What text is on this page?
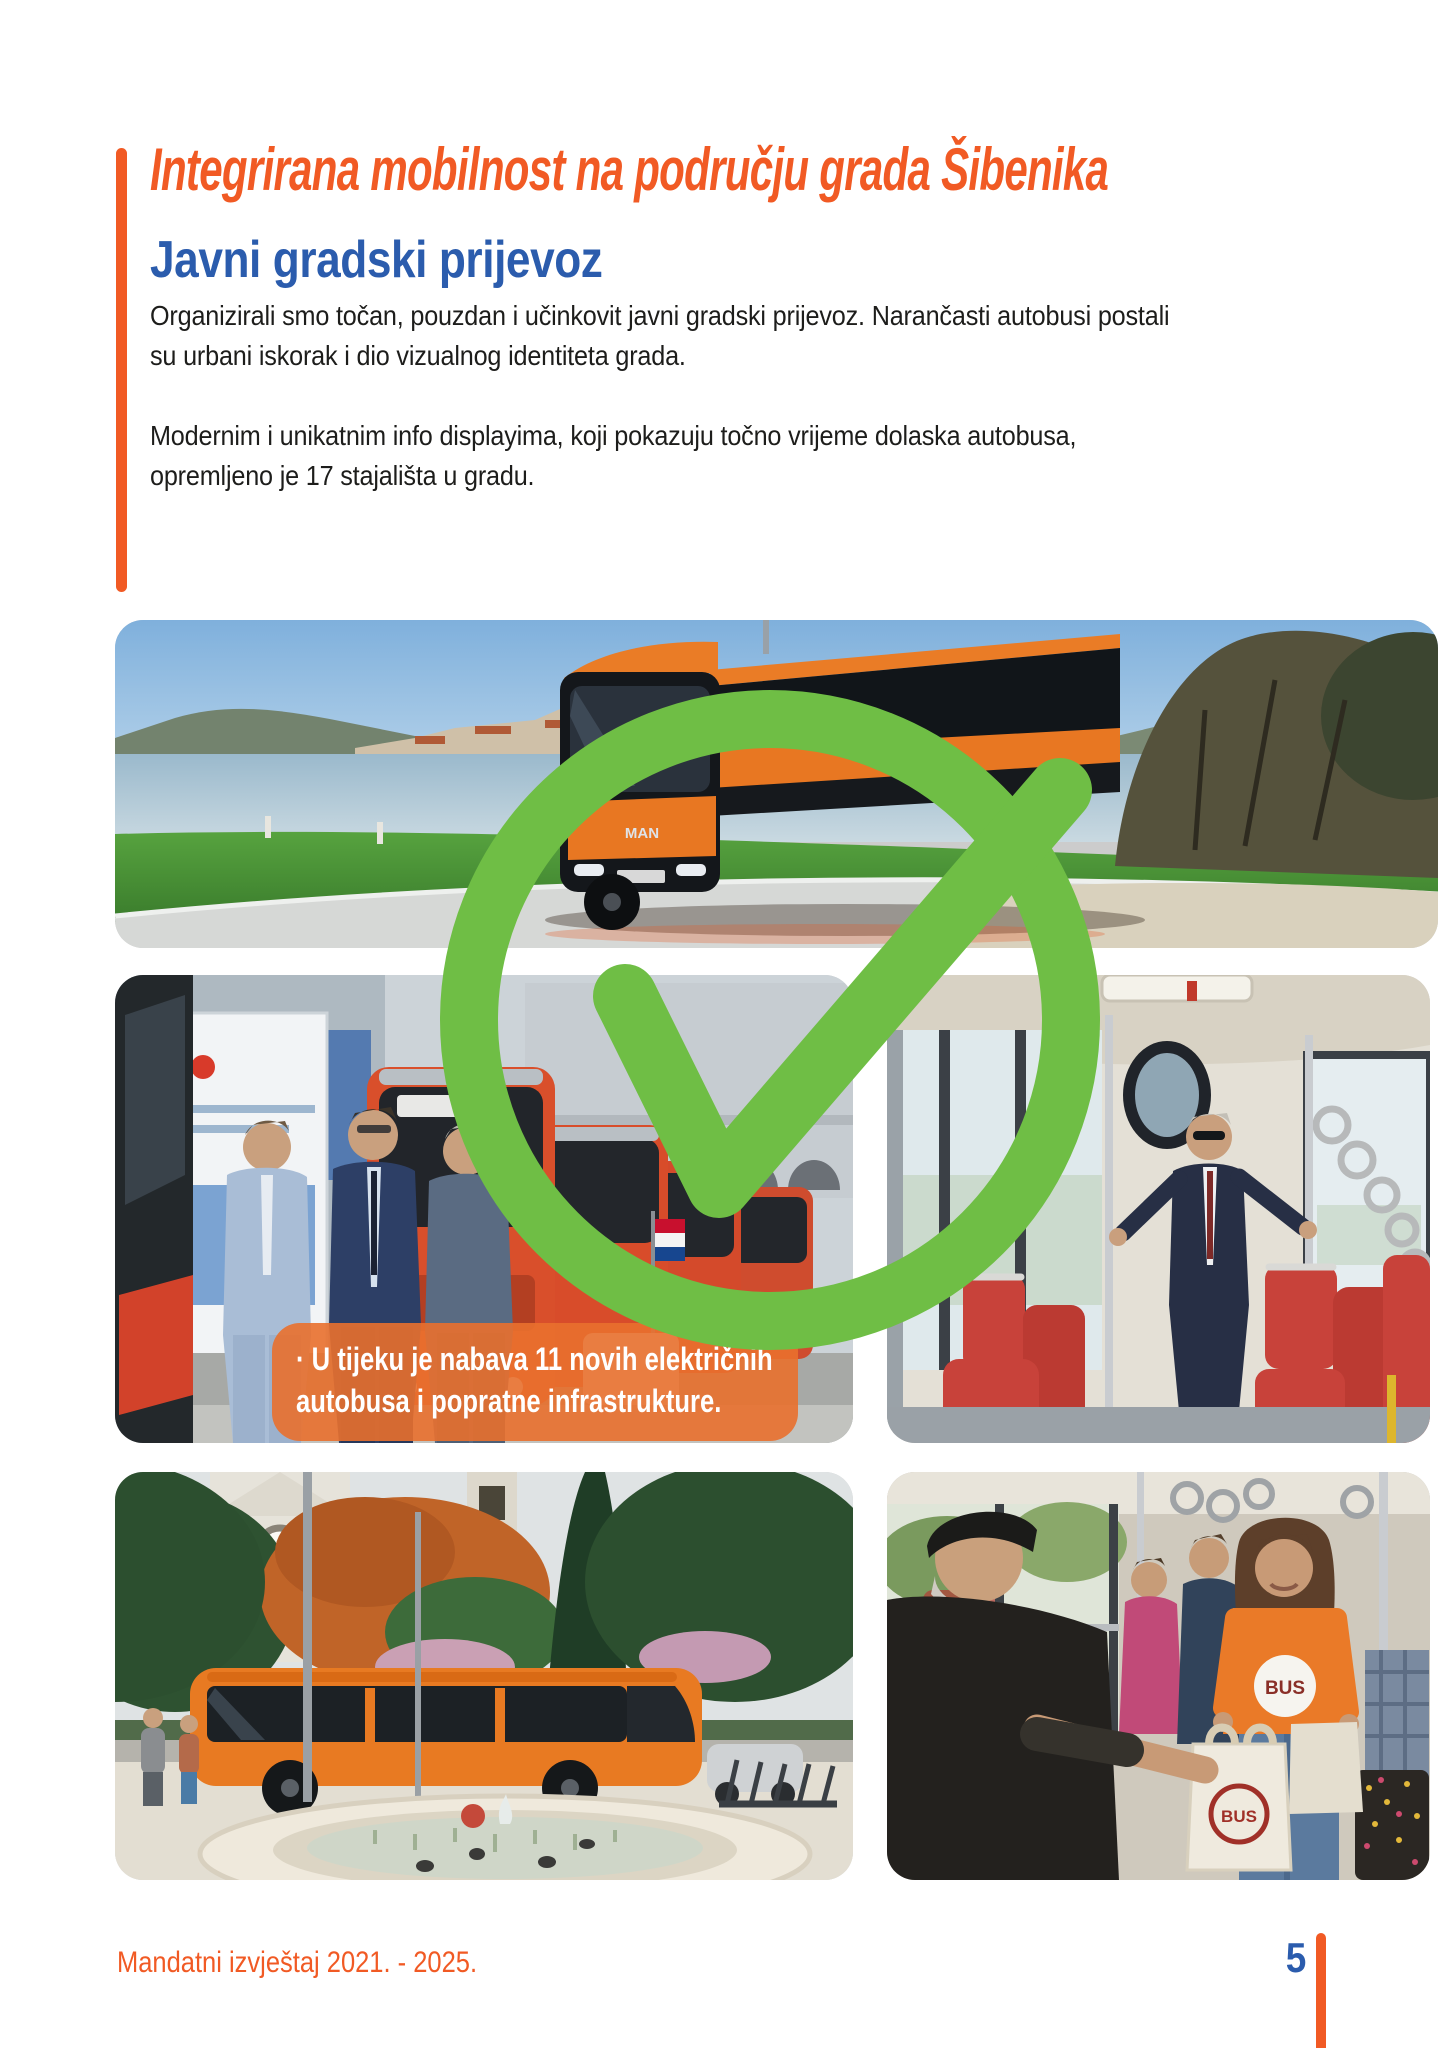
Integrirana mobilnost na području grada Šibenika
Javni gradski prijevoz
Organizirali smo točan, pouzdan i učinkovit javni gradski prijevoz. Narančasti autobusi postali
su urbani iskorak i dio vizualnog identiteta grada.
Modernim i unikatnim info displayima, koji pokazuju točno vrijeme dolaska autobusa,
opremljeno je 17 stajališta u gradu.
MAN
· U tijeku je nabava 11 novih električnih
autobusa i popratne infrastrukture.
BUS
BUS
Mandatni izvještaj 2021. - 2025.	5
